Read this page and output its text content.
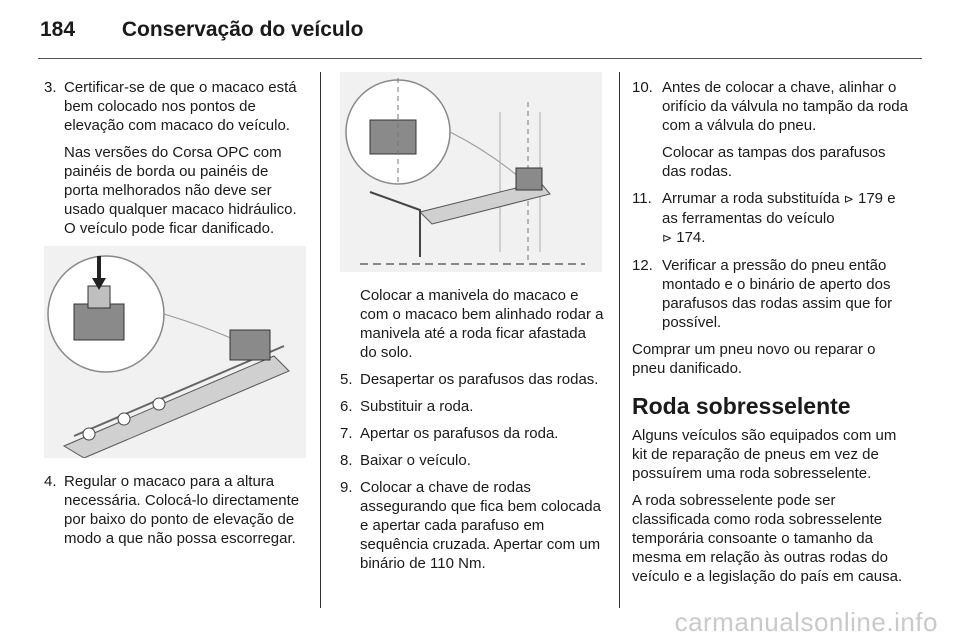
184 Conservação do veículo
3. Certificar-se de que o macaco está bem colocado nos pontos de elevação com macaco do veículo.
Nas versões do Corsa OPC com painéis de borda ou painéis de porta melhorados não deve ser usado qualquer macaco hidráulico. O veículo pode ficar danificado.
4. Regular o macaco para a altura necessária. Colocá-lo directamente por baixo do ponto de elevação de modo a que não possa escorregar.
Colocar a manivela do macaco e com o macaco bem alinhado rodar a manivela até a roda ficar afastada do solo.
5. Desapertar os parafusos das rodas.
6. Substituir a roda.
7. Apertar os parafusos da roda.
8. Baixar o veículo.
9. Colocar a chave de rodas assegurando que fica bem colocada e apertar cada parafuso em sequência cruzada. Apertar com um binário de 110 Nm.
10. Antes de colocar a chave, alinhar o orifício da válvula no tampão da roda com a válvula do pneu.
Colocar as tampas dos parafusos das rodas.
11. Arrumar a roda substituída ⊳ 179 e as ferramentas do veículo
⊳ 174.
12. Verificar a pressão do pneu então montado e o binário de aperto dos parafusos das rodas assim que for possível.
Comprar um pneu novo ou reparar o pneu danificado.
Roda sobresselente
Alguns veículos são equipados com um kit de reparação de pneus em vez de possuírem uma roda sobresselente.
A roda sobresselente pode ser classificada como roda sobresselente temporária consoante o tamanho da mesma em relação às outras rodas do veículo e a legislação do país em causa.
carmanualsonline.info
